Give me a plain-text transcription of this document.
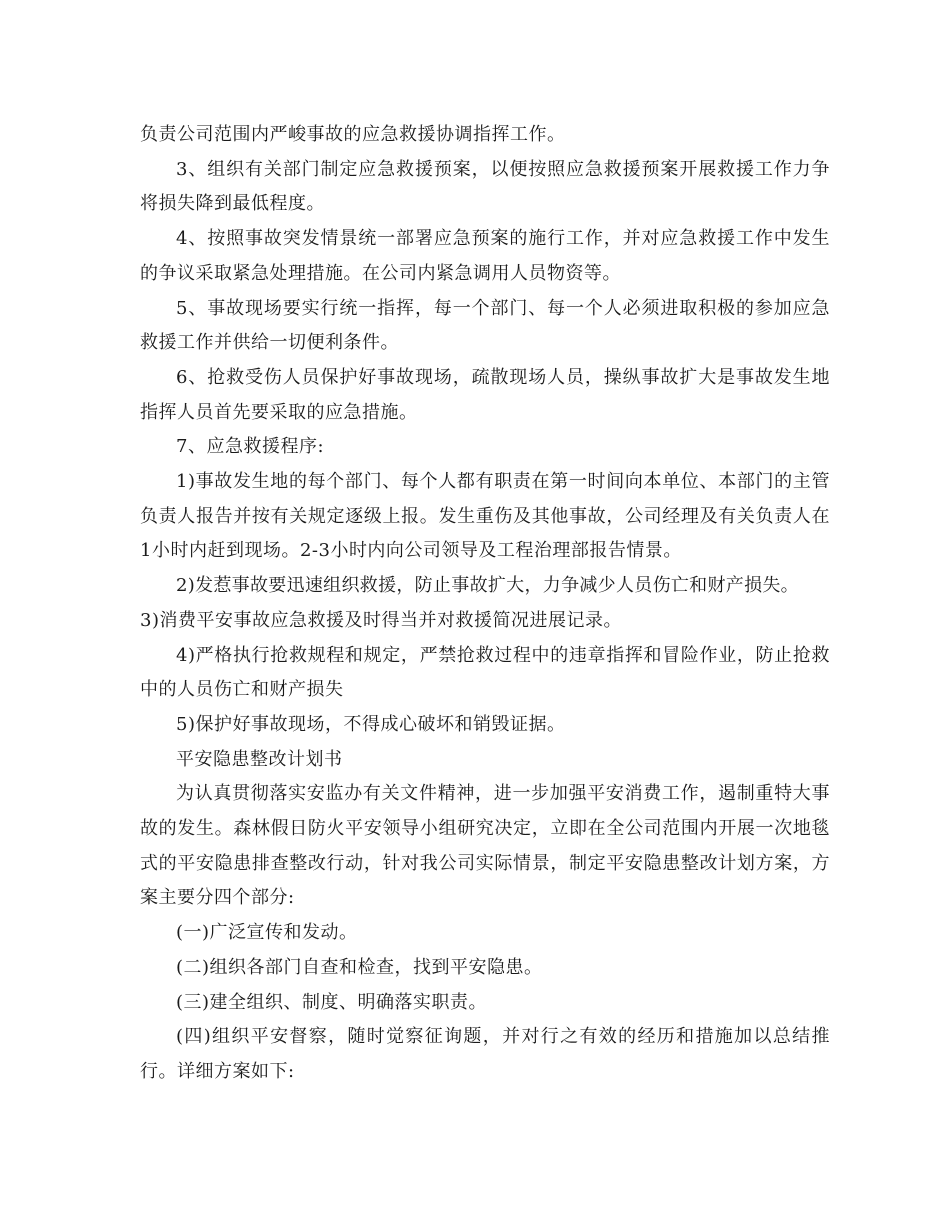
负责公司范围内严峻事故的应急救援协调指挥工作。

3、组织有关部门制定应急救援预案，以便按照应急救援预案开展救援工作力争将损失降到最低程度。

4、按照事故突发情景统一部署应急预案的施行工作，并对应急救援工作中发生的争议采取紧急处理措施。在公司内紧急调用人员物资等。

5、事故现场要实行统一指挥，每一个部门、每一个人必须进取积极的参加应急救援工作并供给一切便利条件。

6、抢救受伤人员保护好事故现场，疏散现场人员，操纵事故扩大是事故发生地指挥人员首先要采取的应急措施。

7、应急救援程序:

1)事故发生地的每个部门、每个人都有职责在第一时间向本单位、本部门的主管负责人报告并按有关规定逐级上报。发生重伤及其他事故，公司经理及有关负责人在1小时内赶到现场。2-3小时内向公司领导及工程治理部报告情景。

2)发惹事故要迅速组织救援，防止事故扩大，力争减少人员伤亡和财产损失。

3)消费平安事故应急救援及时得当并对救援简况进展记录。

4)严格执行抢救规程和规定，严禁抢救过程中的违章指挥和冒险作业，防止抢救中的人员伤亡和财产损失

5)保护好事故现场，不得成心破坏和销毁证据。

平安隐患整改计划书

为认真贯彻落实安监办有关文件精神，进一步加强平安消费工作，遏制重特大事故的发生。森林假日防火平安领导小组研究决定，立即在全公司范围内开展一次地毯式的平安隐患排查整改行动，针对我公司实际情景，制定平安隐患整改计划方案，方案主要分四个部分:

(一)广泛宣传和发动。

(二)组织各部门自查和检查，找到平安隐患。

(三)建全组织、制度、明确落实职责。

(四)组织平安督察，随时觉察征询题，并对行之有效的经历和措施加以总结推行。详细方案如下:
